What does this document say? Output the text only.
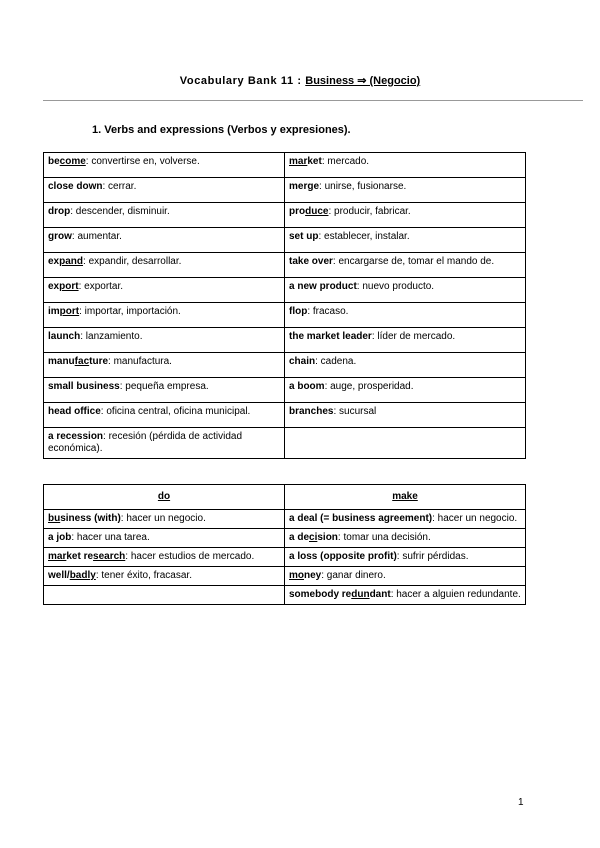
Vocabulary Bank 11 : Business ⇒ (Negocio)
1. Verbs and expressions (Verbos y expresiones).
become: convertirse en, volverse.	market: mercado.
close down: cerrar.	merge: unirse, fusionarse.
drop: descender, disminuir.	produce: producir, fabricar.
grow: aumentar.	set up: establecer, instalar.
expand: expandir, desarrollar.	take over: encargarse de, tomar el mando de.
export: exportar.	a new product: nuevo producto.
import: importar, importación.	flop: fracaso.
launch: lanzamiento.	the market leader: líder de mercado.
manufacture: manufactura.	chain: cadena.
small business: pequeña empresa.	a boom: auge, prosperidad.
head office: oficina central, oficina municipal.	branches: sucursal
a recession: recesión (pérdida de actividad económica).	
do	make
business (with): hacer un negocio.	a deal (= business agreement): hacer un negocio.
a job: hacer una tarea.	a decision: tomar una decisión.
market research: hacer estudios de mercado.	a loss (opposite profit): sufrir pérdidas.
well/badly: tener éxito, fracasar.	money: ganar dinero.
	somebody redundant: hacer a alguien redundante.
1
